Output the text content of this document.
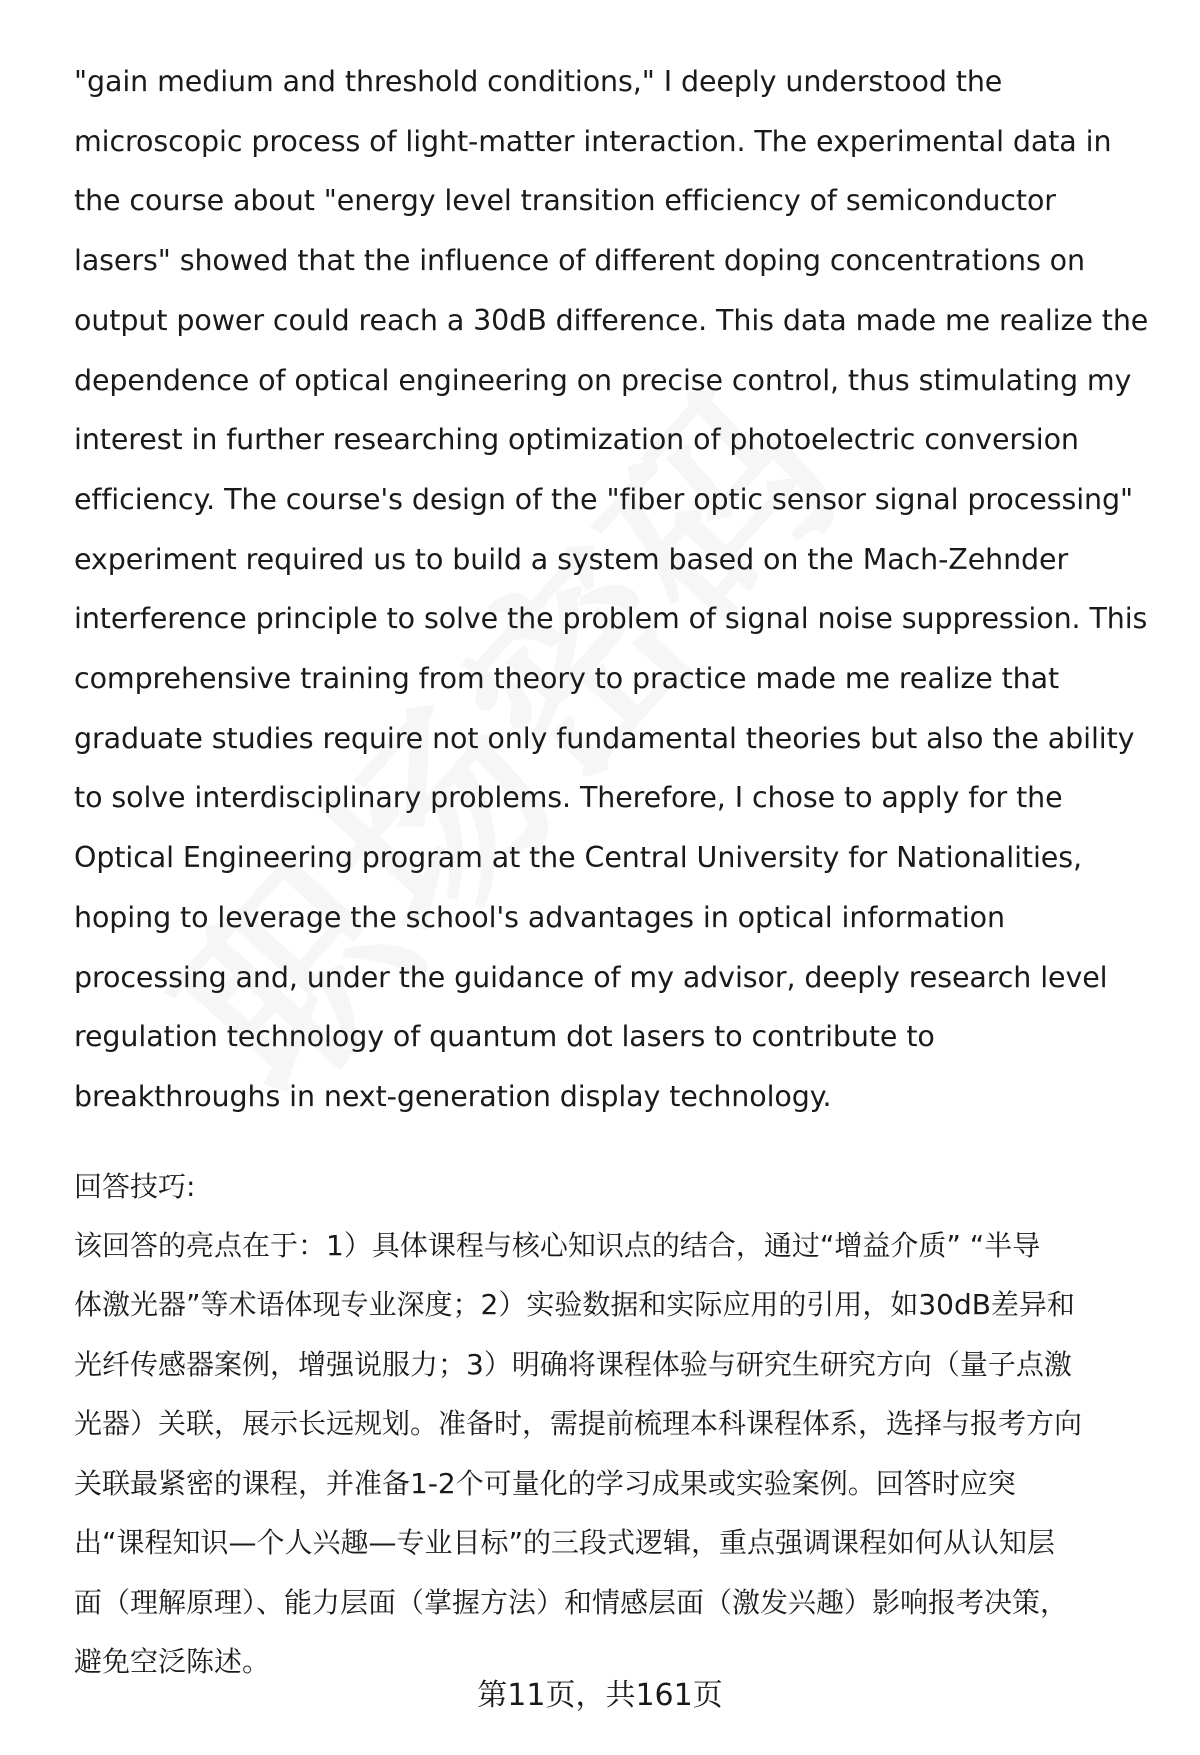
"gain medium and threshold conditions," I deeply understood the
microscopic process of light-matter interaction. The experimental data in
the course about "energy level transition efficiency of semiconductor
lasers" showed that the influence of different doping concentrations on
output power could reach a 30dB difference. This data made me realize the
dependence of optical engineering on precise control, thus stimulating my
interest in further researching optimization of photoelectric conversion
efficiency. The course's design of the "fiber optic sensor signal processing"
experiment required us to build a system based on the Mach-Zehnder
interference principle to solve the problem of signal noise suppression. This
comprehensive training from theory to practice made me realize that
graduate studies require not only fundamental theories but also the ability
to solve interdisciplinary problems. Therefore, I chose to apply for the
Optical Engineering program at the Central University for Nationalities,
hoping to leverage the school's advantages in optical information
processing and, under the guidance of my advisor, deeply research level
regulation technology of quantum dot lasers to contribute to
breakthroughs in next-generation display technology.

回答技巧:

该回答的亮点在于：1）具体课程与核心知识点的结合，通过“增益介质” “半导
体激光器”等术语体现专业深度；2）实验数据和实际应用的引用，如30dB差异和
光纤传感器案例，增强说服力；3）明确将课程体验与研究生研究方向（量子点激
光器）关联，展示长远规划。准备时，需提前梳理本科课程体系，选择与报考方向
关联最紧密的课程，并准备1-2个可量化的学习成果或实验案例。回答时应突
出“课程知识—个人兴趣—专业目标”的三段式逻辑，重点强调课程如何从认知层
面（理解原理）、能力层面（掌握方法）和情感层面（激发兴趣）影响报考决策，
避免空泛陈述。

第11页，共161页
